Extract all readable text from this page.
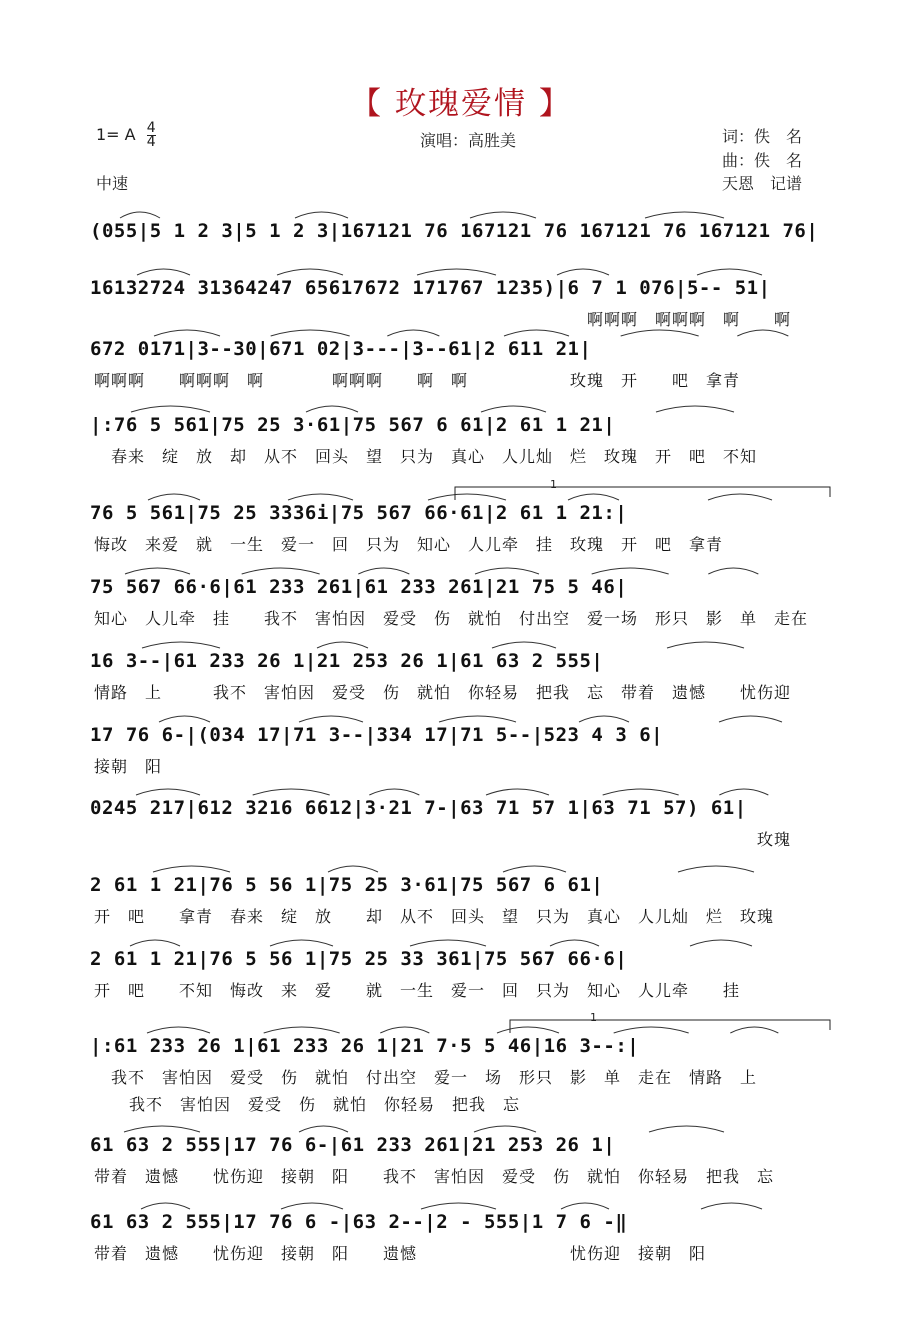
【 玫瑰爱情 】
1= A $\frac{4}{4}$	演唱：高胜美	词：佚　名
曲：佚　名
中速	天恩　记谱
(055|5 1 2 3|5 1 2 3|167121 76 167121 76 167121 76 167121 76|
16132724 31364247 65617672 171767 1235)|6 7 1 076|5-- 51|
　　　　　　　　　　　　　　　　　　　　　　　　　　　　　啊啊啊　啊啊啊　啊　　啊
672 0171|3--30|671 02|3---|3--61|2 611 21|
啊啊啊　　啊啊啊　啊　　　　啊啊啊　　啊　啊　　　　　　玫瑰　开　　吧　拿青
|:76 5 561|75 25 3·61|75 567 6 61|2 61 1 21|
　春来　绽　放　却　从不　回头　望　只为　真心　人儿灿　烂　玫瑰　开　吧　不知
76 5 561|75 25 3336i|75 567 66·61|2 61 1 21:|
悔改　来爱　就　一生　爱一　回　只为　知心　人儿牵　挂　玫瑰　开　吧　拿青
75 567 66·6|61 233 261|61 233 261|21 75 5 46|
知心　人儿牵　挂　　我不　害怕因　爱受　伤　就怕　付出空　爱一场　形只　影　单　走在
16 3--|61 233 26 1|21 253 26 1|61 63 2 555|
情路　上　　　我不　害怕因　爱受　伤　就怕　你轻易　把我　忘　带着　遗憾　　忧伤迎
17 76 6-|(034 17|71 3--|334 17|71 5--|523 4 3 6|
接朝　阳
0245 217|612 3216 6612|3·21 7-|63 71 57 1|63 71 57) 61|
　　　　　　　　　　　　　　　　　　　　　　　　　　　　　　　　　　　　　　　玫瑰
2 61 1 21|76 5 56 1|75 25 3·61|75 567 6 61|
开　吧　　拿青　春来　绽　放　　却　从不　回头　望　只为　真心　人儿灿　烂　玫瑰
2 61 1 21|76 5 56 1|75 25 33 361|75 567 66·6|
开　吧　　不知　悔改　来　爱　　就　一生　爱一　回　只为　知心　人儿牵　　挂
|:61 233 26 1|61 233 26 1|21 7·5 5 46|16 3--:|
　我不　害怕因　爱受　伤　就怕　付出空　爱一　场　形只　影　单　走在　情路　上
61 63 2 555|17 76 6-|61 233 261|21 253 26 1|
带着　遗憾　　忧伤迎　接朝　阳　　我不　害怕因　爱受　伤　就怕　你轻易　把我　忘
61 63 2 555|17 76 6 -|63 2--|2 - 555|1 7 6 -‖
带着　遗憾　　忧伤迎　接朝　阳　　遗憾　　　　　　　　　忧伤迎　接朝　阳
　我不　害怕因　爱受　伤　就怕　你轻易　把我　忘
1
1
